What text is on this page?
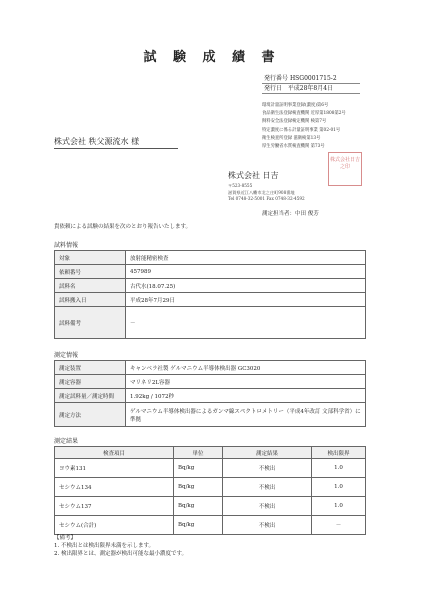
試 験 成 績 書
発行番号 HSG0001715-2
発行日 平成28年8月4日
環境計量証明事業登録(濃度)第6号
食品衛生法登録検査機関 近厚第1808第2号
飼料安全法登録検定機関 検第7号
特定濃度に係る計量証明事業 第02-01号
衛生検査所登録 滋衛検第13号
厚生労働省水質検査機関 第73号
株式会社 秩父源流水 様
株式会社日吉之印
株式会社 日吉
〒523-8555
滋賀県近江八幡市北之庄町908番地
Tel 0748-32-5001 Fax 0748-32-4592
測定担当者：中田 俊芳
貴依頼による試験の結果を次のとおり報告いたします。
試料情報
対象	放射能精密検査
依頼番号	457989
試料名	古代水(18.07.25)
試料搬入日	平成28年7月29日
試料備考	－
測定情報
測定装置	キャンベラ社製 ゲルマニウム半導体検出器 GC3020
測定容器	マリネリ2L容器
測定試料量／測定時間	1.92kg / 1072秒
測定方法	ゲルマニウム半導体検出器によるガンマ線スペクトロメトリー（平成4年改訂 文部科学省）に準拠
測定結果
検査項目	単位	測定結果	検出限界
ヨウ素131	Bq/kg	不検出	1.0
セシウム134	Bq/kg	不検出	1.0
セシウム137	Bq/kg	不検出	1.0
セシウム(合計)	Bq/kg	不検出	－
【備考】
1. 不検出とは検出限界未満を示します。
2. 検出限界とは、測定器が検出可能な最小濃度です。
